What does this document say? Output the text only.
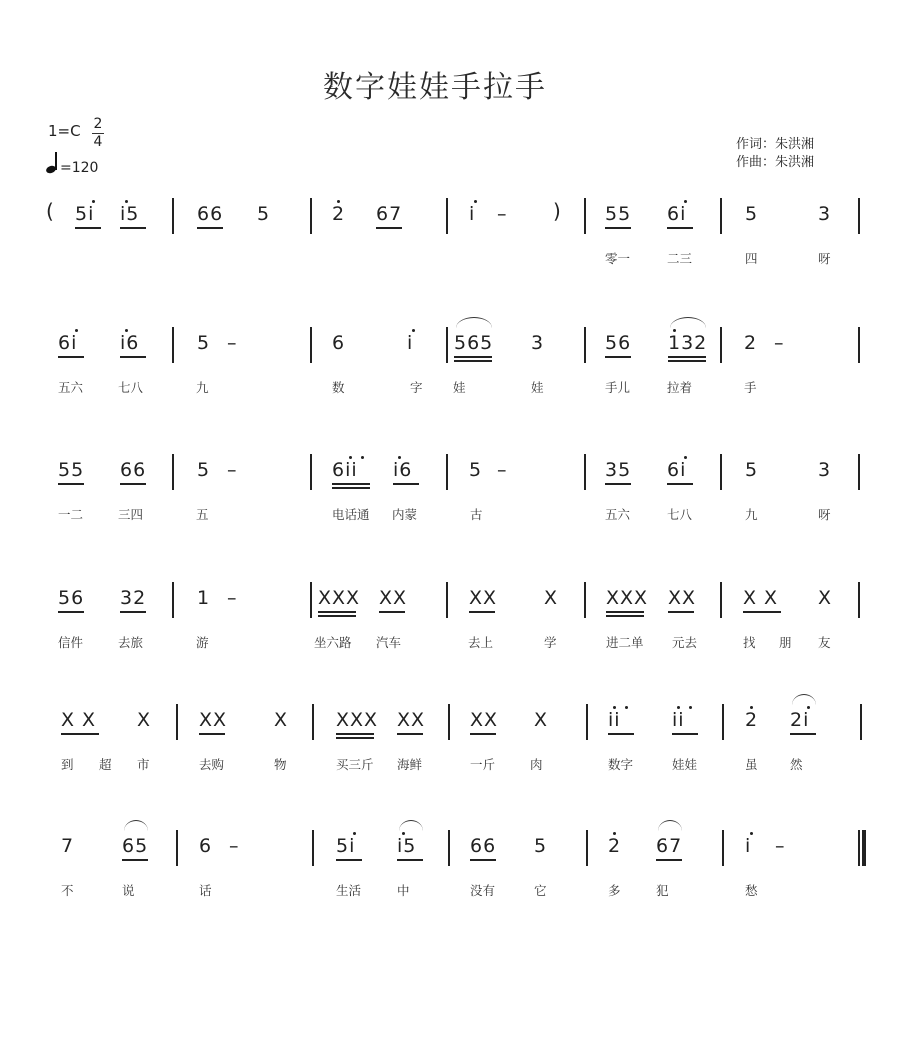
数字娃娃手拉手
1=C 2
4
=120
作词：朱洪湘
作曲：朱洪湘
5i i5	66 5	2 67	i –	55 6i	5	3
(	)
零一	二三	四	呀
6i i6	5 –	6	i 565 3	56 132 2 –
五六	七八	九	数	字 娃	娃	手儿	拉着	手
55 66	5 –	6ii i6	5 –	35 6i	5	3
一二	三四	五	电话通 内蒙	古	五六	七八	九	呀
56 32	1 –	XXX XX	XX X	XXX XX X X X
信件	去旅	游	坐六路 汽车	去上	学	进二单 元去	找 朋 友
X X X	XX X	XXX XX XX X	ii	ii	2 2i
到 超 市	去购	物	买三斤 海鲜	一斤	肉	数字	娃娃	虽	然
7	65	6 –	5i i5	66 5	2 67	i –
不	说	话	生活	中	没有	它	多	犯	愁
